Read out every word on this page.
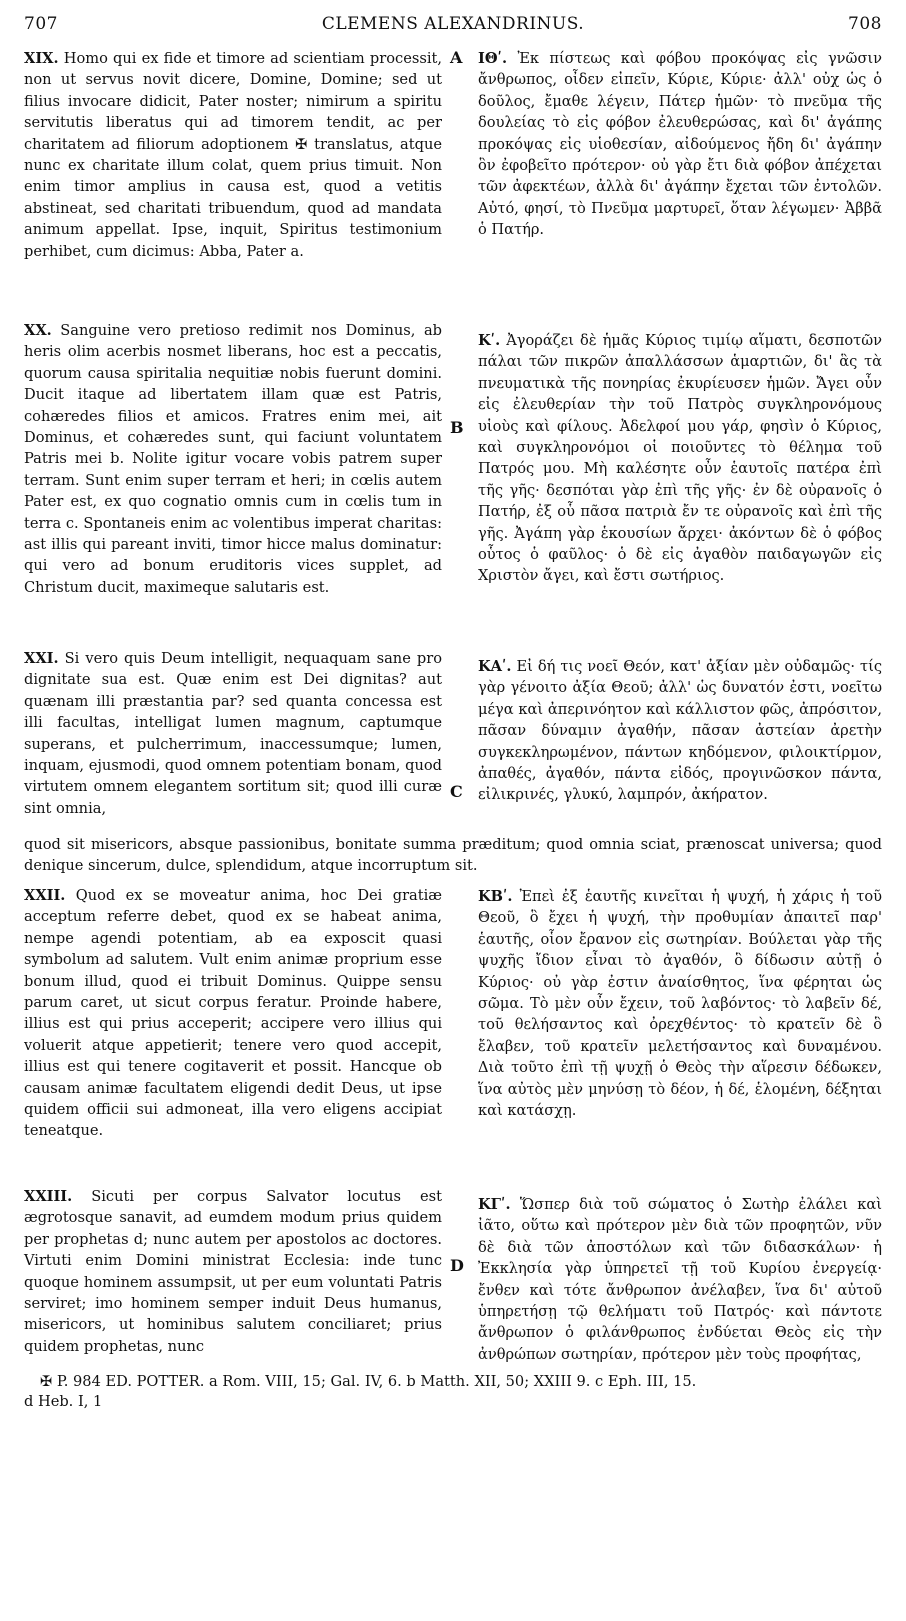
707	CLEMENS ALEXANDRINUS.	708
A
B
C
D

XIX. Homo qui ex fide et timore ad scientiam processit, non ut servus novit dicere, Domine, Domine; sed ut filius invocare didicit, Pater noster; nimirum a spiritu servitutis liberatus qui ad timorem tendit, ac per charitatem ad filiorum adoptionem ✠ translatus, atque nunc ex charitate illum colat, quem prius timuit. Non enim timor amplius in causa est, quod a vetitis abstineat, sed charitati tribuendum, quod ad mandata animum appellat. Ipse, inquit, Spiritus testimonium perhibet, cum dicimus: Abba, Pater a.

XX. Sanguine vero pretioso redimit nos Dominus, ab heris olim acerbis nosmet liberans, hoc est a peccatis, quorum causa spiritalia nequitiæ nobis fuerunt domini. Ducit itaque ad libertatem illam quæ est Patris, cohæredes filios et amicos. Fratres enim mei, ait Dominus, et cohæredes sunt, qui faciunt voluntatem Patris mei b. Nolite igitur vocare vobis patrem super terram. Sunt enim super terram et heri; in cœlis autem Pater est, ex quo cognatio omnis cum in cœlis tum in terra c. Spontaneis enim ac volentibus imperat charitas: ast illis qui pareant inviti, timor hicce malus dominatur: qui vero ad bonum eruditoris vices supplet, ad Christum ducit, maximeque salutaris est.

XXI. Si vero quis Deum intelligit, nequaquam sane pro dignitate sua est. Quæ enim est Dei dignitas? aut quænam illi præstantia par? sed quanta concessa est illi facultas, intelligat lumen magnum, captumque superans, et pulcherrimum, inaccessumque; lumen, inquam, ejusmodi, quod omnem potentiam bonam, quod virtutem omnem elegantem sortitum sit; quod illi curæ sint omnia,

quod sit misericors, absque passionibus, bonitate summa præditum; quod omnia sciat, prænoscat universa; quod denique sincerum, dulce, splendidum, atque incorruptum sit.

XXII. Quod ex se moveatur anima, hoc Dei gratiæ acceptum referre debet, quod ex se habeat anima, nempe agendi potentiam, ab ea exposcit quasi symbolum ad salutem. Vult enim animæ proprium esse bonum illud, quod ei tribuit Dominus. Quippe sensu parum caret, ut sicut corpus feratur. Proinde habere, illius est qui prius acceperit; accipere vero illius qui voluerit atque appetierit; tenere vero quod accepit, illius est qui tenere cogitaverit et possit. Hancque ob causam animæ facultatem eligendi dedit Deus, ut ipse quidem officii sui admoneat, illa vero eligens accipiat teneatque.

XXIII. Sicuti per corpus Salvator locutus est ægrotosque sanavit, ad eumdem modum prius quidem per prophetas d; nunc autem per apostolos ac doctores. Virtuti enim Domini ministrat Ecclesia: inde tunc quoque hominem assumpsit, ut per eum voluntati Patris serviret; imo hominem semper induit Deus humanus, misericors, ut hominibus salutem conciliaret; prius quidem prophetas, nunc

ΙΘʹ. Ἐκ πίστεως καὶ φόβου προκόψας εἰς γνῶσιν ἄνθρωπος, οἶδεν εἰπεῖν, Κύριε, Κύριε· ἀλλ' οὐχ ὡς ὁ δοῦλος, ἔμαθε λέγειν, Πάτερ ἡμῶν· τὸ πνεῦμα τῆς δουλείας τὸ εἰς φόβον ἐλευθερώσας, καὶ δι' ἀγάπης προκόψας εἰς υἱοθεσίαν, αἰδούμενος ἤδη δι' ἀγάπην ὃν ἐφοβεῖτο πρότερον· οὐ γὰρ ἔτι διὰ φόβον ἀπέχεται τῶν ἀφεκτέων, ἀλλὰ δι' ἀγάπην ἔχεται τῶν ἐντολῶν. Αὐτό, φησί, τὸ Πνεῦμα μαρτυρεῖ, ὅταν λέγωμεν· Ἀββᾶ ὁ Πατήρ.

Κʹ. Ἀγοράζει δὲ ἡμᾶς Κύριος τιμίῳ αἵματι, δεσποτῶν πάλαι τῶν πικρῶν ἀπαλλάσσων ἁμαρτιῶν, δι' ἃς τὰ πνευματικὰ τῆς πονηρίας ἐκυρίευσεν ἡμῶν. Ἄγει οὖν εἰς ἐλευθερίαν τὴν τοῦ Πατρὸς συγκληρονόμους υἱοὺς καὶ φίλους. Ἀδελφοί μου γάρ, φησὶν ὁ Κύριος, καὶ συγκληρονόμοι οἱ ποιοῦντες τὸ θέλημα τοῦ Πατρός μου. Μὴ καλέσητε οὖν ἑαυτοῖς πατέρα ἐπὶ τῆς γῆς· δεσπόται γὰρ ἐπὶ τῆς γῆς· ἐν δὲ οὐρανοῖς ὁ Πατήρ, ἐξ οὗ πᾶσα πατριὰ ἔν τε οὐρανοῖς καὶ ἐπὶ τῆς γῆς. Ἀγάπη γὰρ ἑκουσίων ἄρχει· ἀκόντων δὲ ὁ φόβος οὗτος ὁ φαῦλος· ὁ δὲ εἰς ἀγαθὸν παιδαγωγῶν εἰς Χριστὸν ἄγει, καὶ ἔστι σωτήριος.

ΚΑʹ. Εἰ δή τις νοεῖ Θεόν, κατ' ἀξίαν μὲν οὐδαμῶς· τίς γὰρ γένοιτο ἀξία Θεοῦ; ἀλλ' ὡς δυνατόν ἐστι, νοεῖτω μέγα καὶ ἀπερινόητον καὶ κάλλιστον φῶς, ἀπρόσιτον, πᾶσαν δύναμιν ἀγαθήν, πᾶσαν ἀστείαν ἀρετὴν συγκεκληρωμένον, πάντων κηδόμενον, φιλοικτίρμον, ἀπαθές, ἀγαθόν, πάντα εἰδός, προγινῶσκον πάντα, εἰλικρινές, γλυκύ, λαμπρόν, ἀκήρατον.

ΚΒʹ. Ἐπεὶ ἐξ ἑαυτῆς κινεῖται ἡ ψυχή, ἡ χάρις ἡ τοῦ Θεοῦ, ὃ ἔχει ἡ ψυχή, τὴν προθυμίαν ἀπαιτεῖ παρ' ἑαυτῆς, οἷον ἔρανον εἰς σωτηρίαν. Βούλεται γὰρ τῆς ψυχῆς ἴδιον εἶναι τὸ ἀγαθόν, ὃ δίδωσιν αὐτῇ ὁ Κύριος· οὐ γὰρ ἐστιν ἀναίσθητος, ἵνα φέρηται ὡς σῶμα. Τὸ μὲν οὖν ἔχειν, τοῦ λαβόντος· τὸ λαβεῖν δέ, τοῦ θελήσαντος καὶ ὀρεχθέντος· τὸ κρατεῖν δὲ ὃ ἔλαβεν, τοῦ κρατεῖν μελετήσαντος καὶ δυναμένου. Διὰ τοῦτο ἐπὶ τῇ ψυχῇ ὁ Θεὸς τὴν αἵρεσιν δέδωκεν, ἵνα αὐτὸς μὲν μηνύσῃ τὸ δέον, ἡ δέ, ἑλομένη, δέξηται καὶ κατάσχῃ.

ΚΓʹ. Ὥσπερ διὰ τοῦ σώματος ὁ Σωτὴρ ἐλάλει καὶ ἰᾶτο, οὕτω καὶ πρότερον μὲν διὰ τῶν προφητῶν, νῦν δὲ διὰ τῶν ἀποστόλων καὶ τῶν διδασκάλων· ἡ Ἐκκλησία γὰρ ὑπηρετεῖ τῇ τοῦ Κυρίου ἐνεργείᾳ· ἔνθεν καὶ τότε ἄνθρωπον ἀνέλαβεν, ἵνα δι' αὐτοῦ ὑπηρετήσῃ τῷ θελήματι τοῦ Πατρός· καὶ πάντοτε ἄνθρωπον ὁ φιλάνθρωπος ἐνδύεται Θεὸς εἰς τὴν ἀνθρώπων σωτηρίαν, πρότερον μὲν τοὺς προφήτας,

✠ P. 984 ED. POTTER. a Rom. VIII, 15; Gal. IV, 6. b Matth. XII, 50; XXIII 9. c Eph. III, 15.
d Heb. I, 1
